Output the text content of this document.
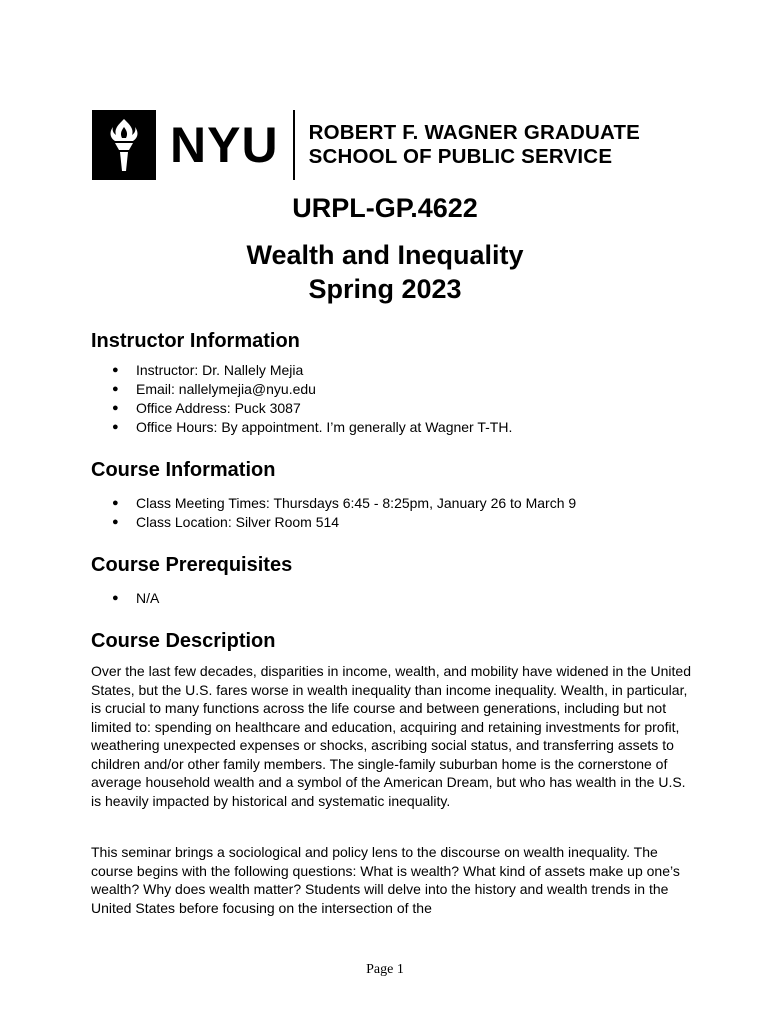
NYU ROBERT F. WAGNER GRADUATE
SCHOOL OF PUBLIC SERVICE
URPL-GP.4622
Wealth and Inequality
Spring 2023
Instructor Information
● Instructor: Dr. Nallely Mejia
● Email: nallelymejia@nyu.edu
● Office Address: Puck 3087
● Office Hours: By appointment. I’m generally at Wagner T-TH.
Course Information
● Class Meeting Times: Thursdays 6:45 - 8:25pm, January 26 to March 9
● Class Location: Silver Room 514
Course Prerequisites
● N/A
Course Description

Over the last few decades, disparities in income, wealth, and mobility have widened in the United States, but the U.S. fares worse in wealth inequality than income inequality. Wealth, in particular, is crucial to many functions across the life course and between generations, including but not limited to: spending on healthcare and education, acquiring and retaining investments for profit, weathering unexpected expenses or shocks, ascribing social status, and transferring assets to children and/or other family members. The single-family suburban home is the cornerstone of average household wealth and a symbol of the American Dream, but who has wealth in the U.S. is heavily impacted by historical and systematic inequality.

This seminar brings a sociological and policy lens to the discourse on wealth inequality. The course begins with the following questions: What is wealth? What kind of assets make up one’s wealth? Why does wealth matter? Students will delve into the history and wealth trends in the United States before focusing on the intersection of the

Page 1
